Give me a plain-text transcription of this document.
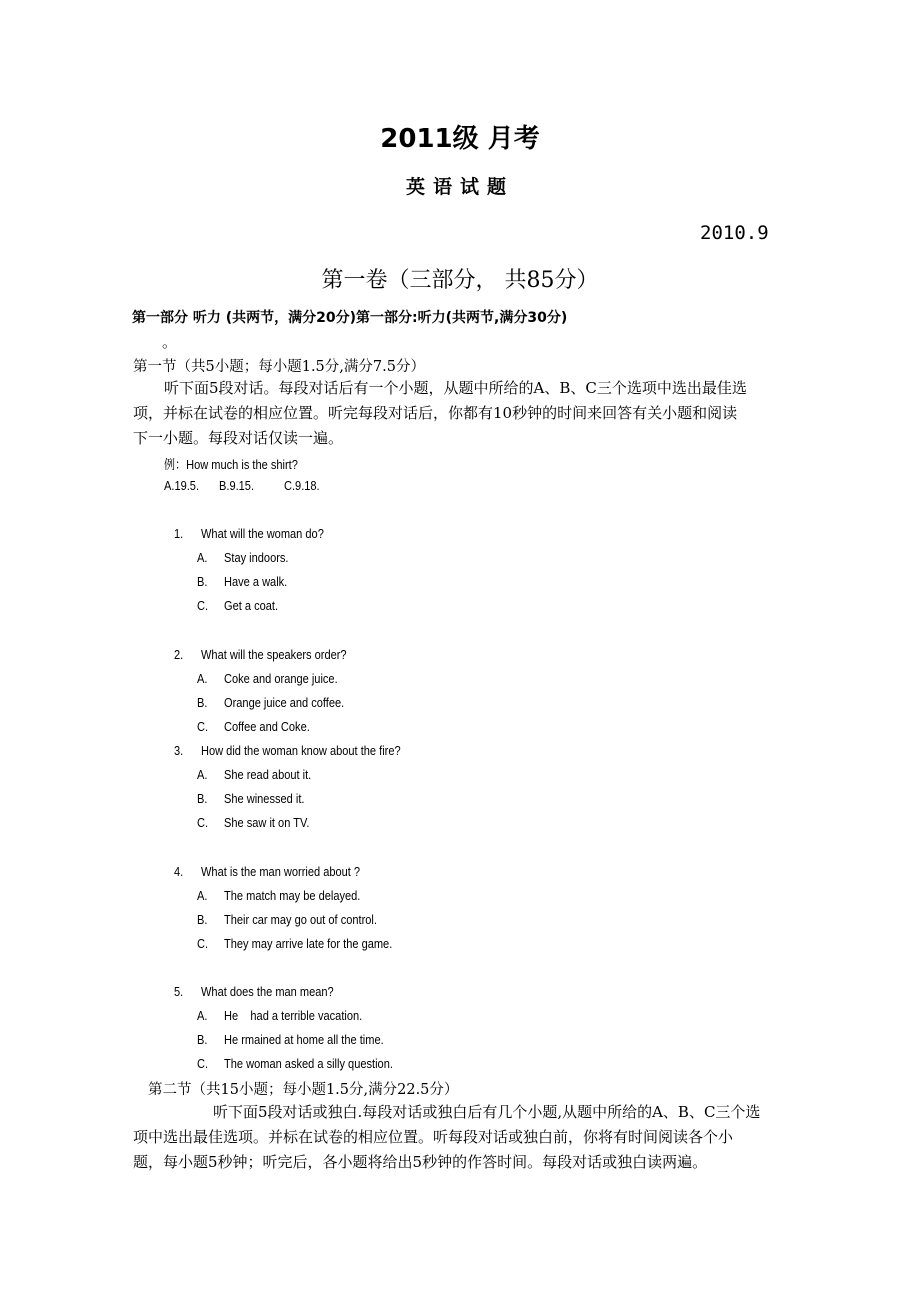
2011级 月考
英语试题
2010.9
第一卷（三部分， 共85分）
第一部分 听力 (共两节，满分20分)第一部分:听力(共两节,满分30分)
。
第一节（共5小题；每小题1.5分,满分7.5分）
听下面5段对话。每段对话后有一个小题，从题中所给的A、B、C三个选项中选出最佳选
项，并标在试卷的相应位置。听完每段对话后，你都有10秒钟的时间来回答有关小题和阅读
下一小题。每段对话仅读一遍。
例：How much is the shirt?
A.19.5. B.9.15. C.9.18.
1. What will the woman do?
A. Stay indoors.
B. Have a walk.
C. Get a coat.
2. What will the speakers order?
A. Coke and orange juice.
B. Orange juice and coffee.
C. Coffee and Coke.
3. How did the woman know about the fire?
A. She read about it.
B. She winessed it.
C. She saw it on TV.
4. What is the man worried about ?
A. The match may be delayed.
B. Their car may go out of control.
C. They may arrive late for the game.
5. What does the man mean?
A. He    had a terrible vacation.
B. He rmained at home all the time.
C. The woman asked a silly question.
第二节（共15小题；每小题1.5分,满分22.5分）
听下面5段对话或独白.每段对话或独白后有几个小题,从题中所给的A、B、C三个选
项中选出最佳选项。并标在试卷的相应位置。听每段对话或独白前，你将有时间阅读各个小
题，每小题5秒钟；听完后，各小题将给出5秒钟的作答时间。每段对话或独白读两遍。
